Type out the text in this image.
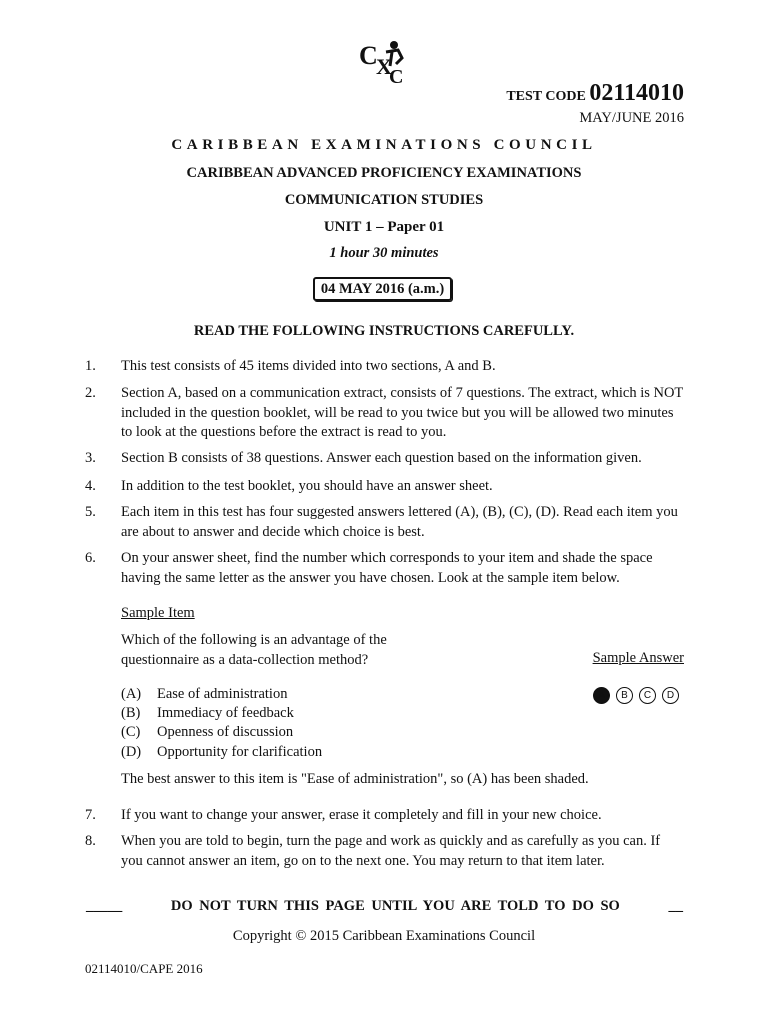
C
X
C
TEST CODE 02114010
MAY/JUNE 2016
CARIBBEAN EXAMINATIONS COUNCIL
CARIBBEAN ADVANCED PROFICIENCY EXAMINATIONS
COMMUNICATION STUDIES
UNIT 1 – Paper 01
1 hour 30 minutes
04 MAY 2016 (a.m.)
READ THE FOLLOWING INSTRUCTIONS CAREFULLY.
1. This test consists of 45 items divided into two sections, A and B.
2. Section A, based on a communication extract, consists of 7 questions. The extract, which is NOT included in the question booklet, will be read to you twice but you will be allowed two minutes to look at the questions before the extract is read to you.
3. Section B consists of 38 questions. Answer each question based on the information given.
4. In addition to the test booklet, you should have an answer sheet.
5. Each item in this test has four suggested answers lettered (A), (B), (C), (D). Read each item you are about to answer and decide which choice is best.
6. On your answer sheet, find the number which corresponds to your item and shade the space having the same letter as the answer you have chosen. Look at the sample item below.
Sample Item
Which of the following is an advantage of the questionnaire as a data-collection method?	Sample Answer
(A) Ease of administration
(B) Immediacy of feedback
(C) Openness of discussion
(D) Opportunity for clarification
A	B	C	D
The best answer to this item is "Ease of administration", so (A) has been shaded.
7. If you want to change your answer, erase it completely and fill in your new choice.
8. When you are told to begin, turn the page and work as quickly and as carefully as you can. If you cannot answer an item, go on to the next one. You may return to that item later.
_____	DO NOT TURN THIS PAGE UNTIL YOU ARE TOLD TO DO SO	__
Copyright © 2015 Caribbean Examinations Council
02114010/CAPE 2016
